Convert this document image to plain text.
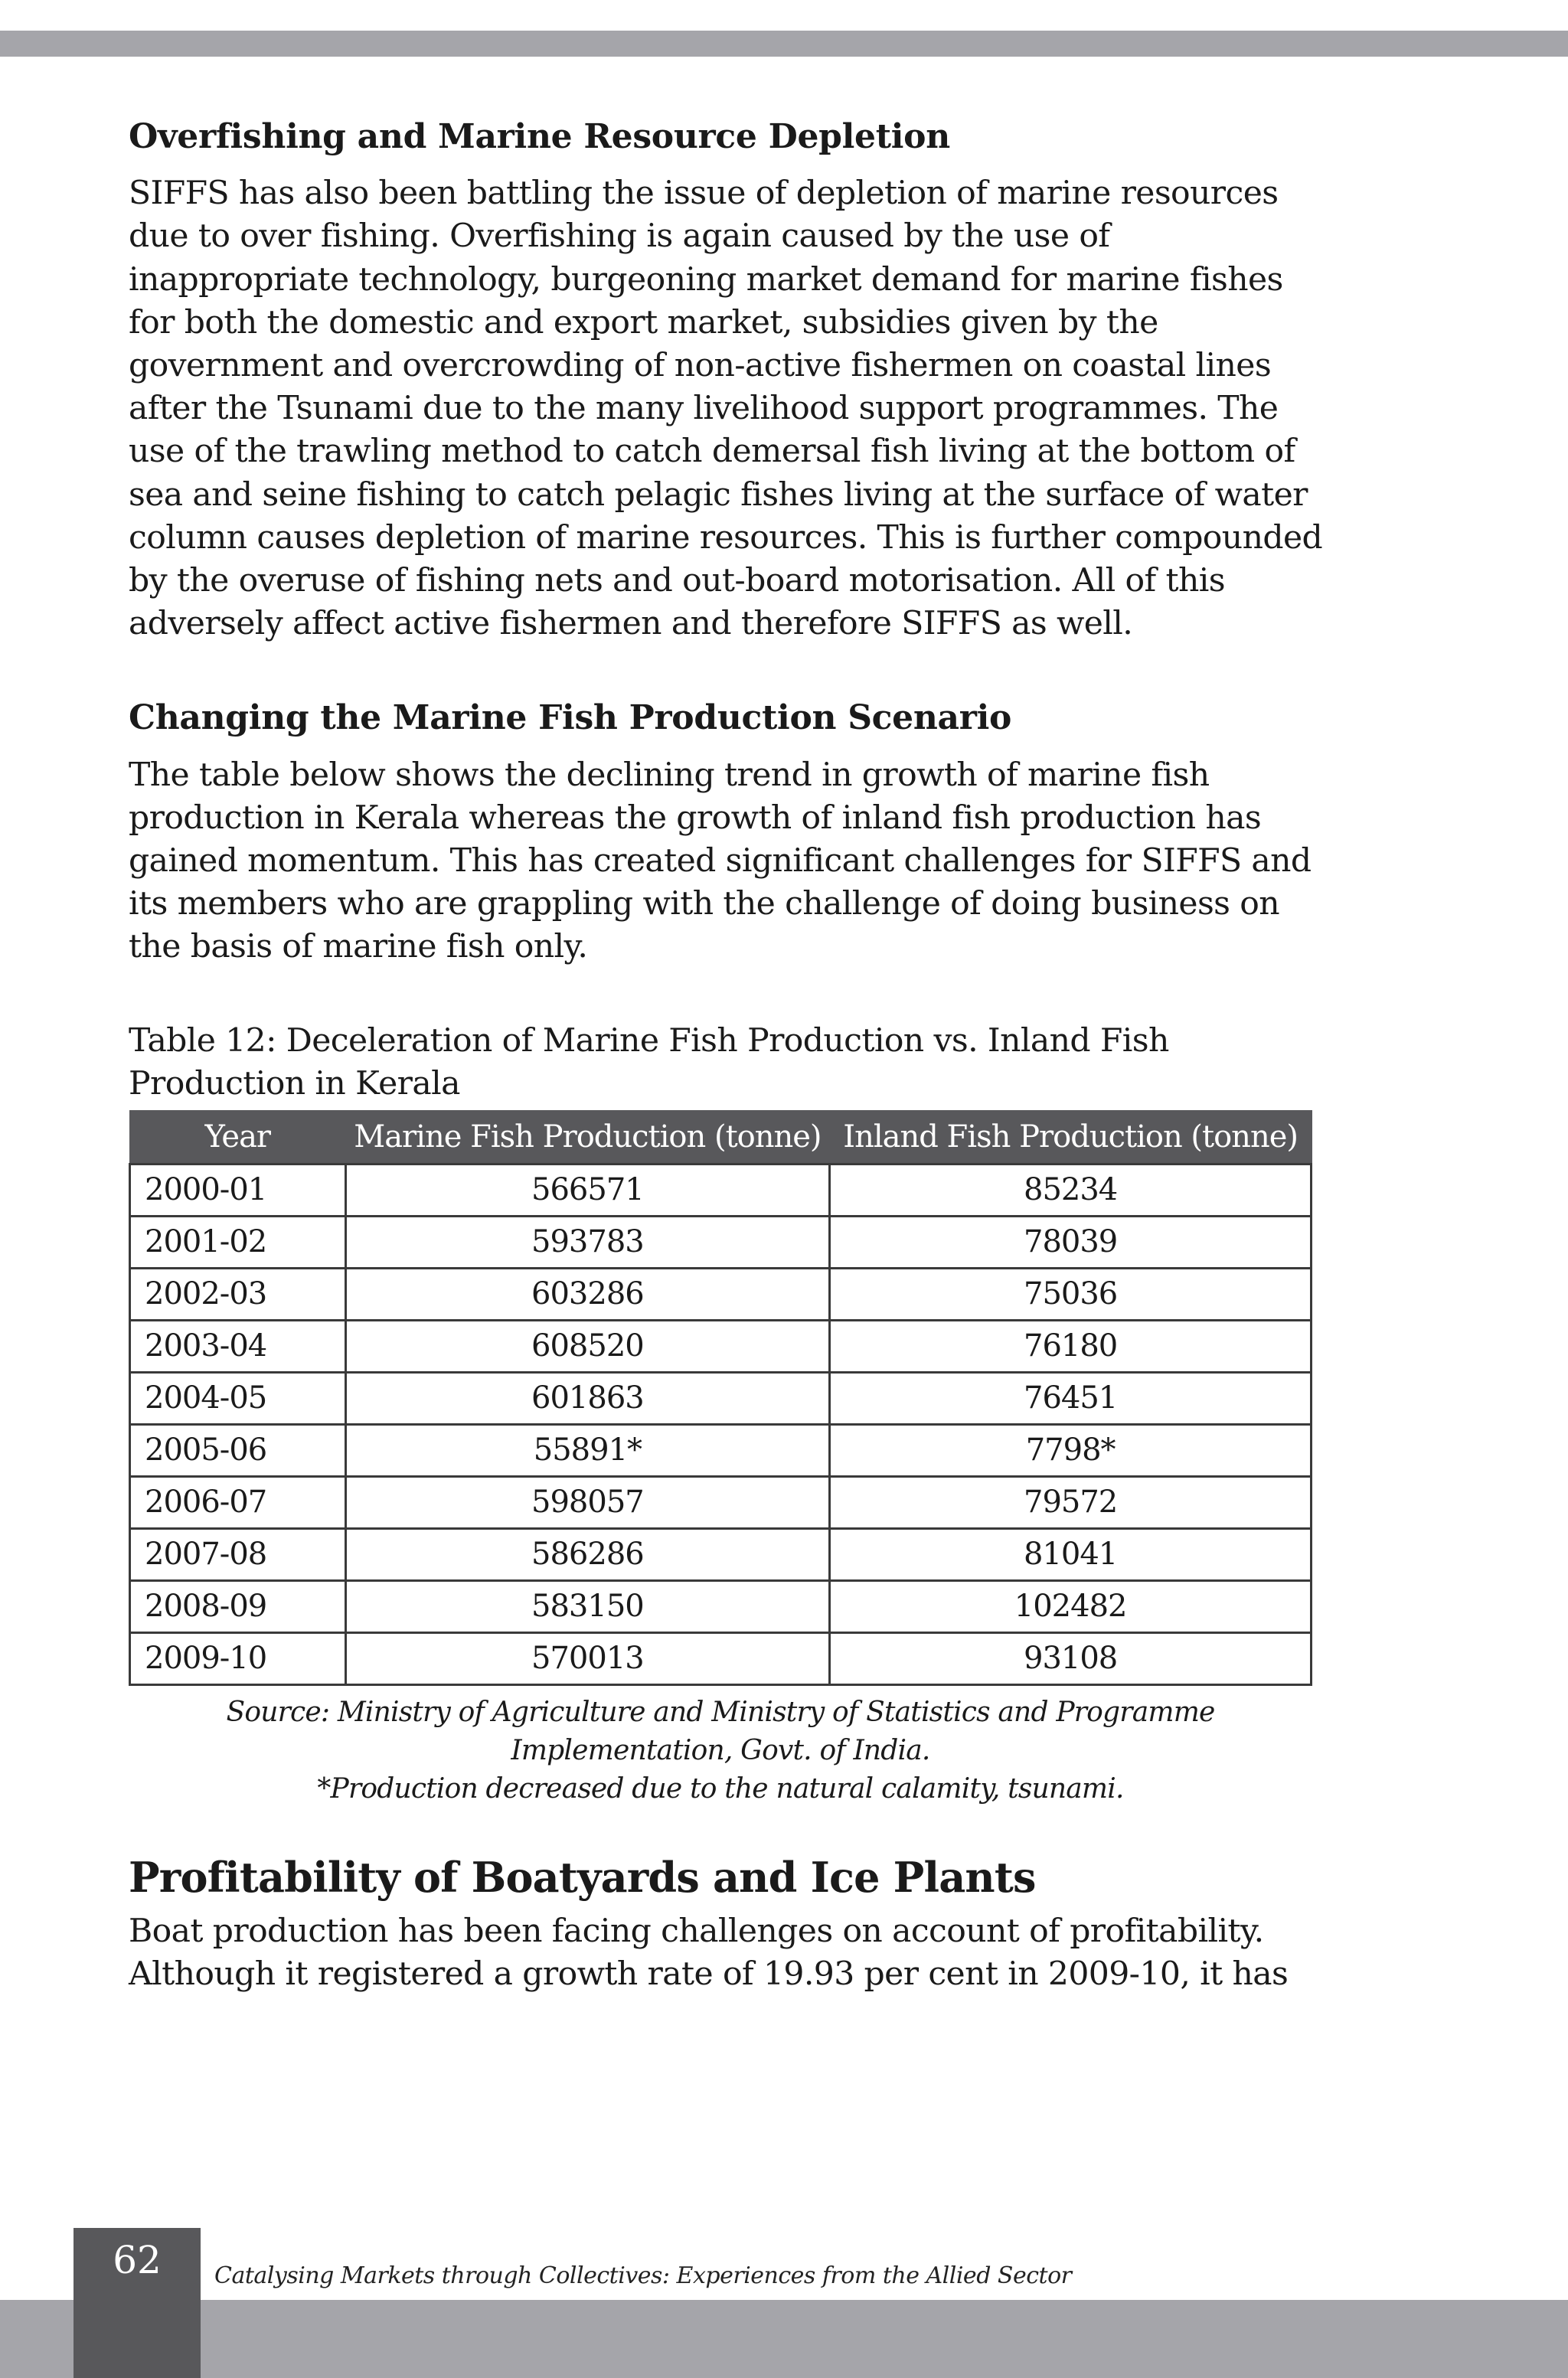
Overfishing and Marine Resource Depletion

SIFFS has also been battling the issue of depletion of marine resources due to over fishing. Overfishing is again caused by the use of inappropriate technology, burgeoning market demand for marine fishes for both the domestic and export market, subsidies given by the government and overcrowding of non-active fishermen on coastal lines after the Tsunami due to the many livelihood support programmes. The use of the trawling method to catch demersal fish living at the bottom of sea and seine fishing to catch pelagic fishes living at the surface of water column causes depletion of marine resources. This is further compounded by the overuse of fishing nets and out-board motorisation. All of this adversely affect active fishermen and therefore SIFFS as well.

Changing the Marine Fish Production Scenario

The table below shows the declining trend in growth of marine fish production in Kerala whereas the growth of inland fish production has gained momentum. This has created significant challenges for SIFFS and its members who are grappling with the challenge of doing business on the basis of marine fish only.

Table 12: Deceleration of Marine Fish Production vs. Inland Fish Production in Kerala

Year	Marine Fish Production (tonne)	Inland Fish Production (tonne)
2000-01	566571	85234
2001-02	593783	78039
2002-03	603286	75036
2003-04	608520	76180
2004-05	601863	76451
2005-06	55891*	7798*
2006-07	598057	79572
2007-08	586286	81041
2008-09	583150	102482
2009-10	570013	93108
Source: Ministry of Agriculture and Ministry of Statistics and Programme Implementation, Govt. of India.
*Production decreased due to the natural calamity, tsunami.
Profitability of Boatyards and Ice Plants

Boat production has been facing challenges on account of profitability. Although it registered a growth rate of 19.93 per cent in 2009-10, it has

62	Catalysing Markets through Collectives: Experiences from the Allied Sector
